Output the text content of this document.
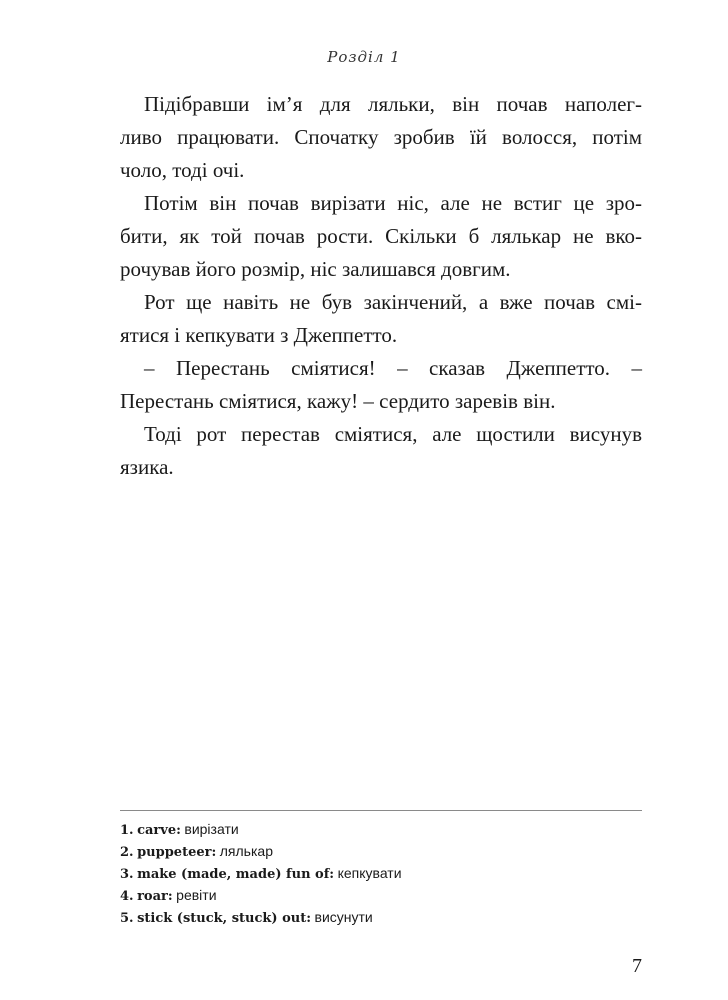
Розділ 1

Підібравши ім’я для ляльки, він почав наполег-
ливо працювати. Спочатку зробив їй волосся, потім
чоло, тоді очі.

Потім він почав вирізати ніс, але не встиг це зро-
бити, як той почав рости. Скільки б лялькар не вко-
рочував його розмір, ніс залишався довгим.

Рот ще навіть не був закінчений, а вже почав смі-
ятися і кепкувати з Джеппетто.

– Перестань сміятися! – сказав Джеппетто. –
Перестань сміятися, кажу! – сердито заревів він.

Тоді рот перестав сміятися, але щостили висунув
язика.

1. carve: вирізати
2. puppeteer: лялькар
3. make (made, made) fun of: кепкувати
4. roar: ревіти
5. stick (stuck, stuck) out: висунути
7
